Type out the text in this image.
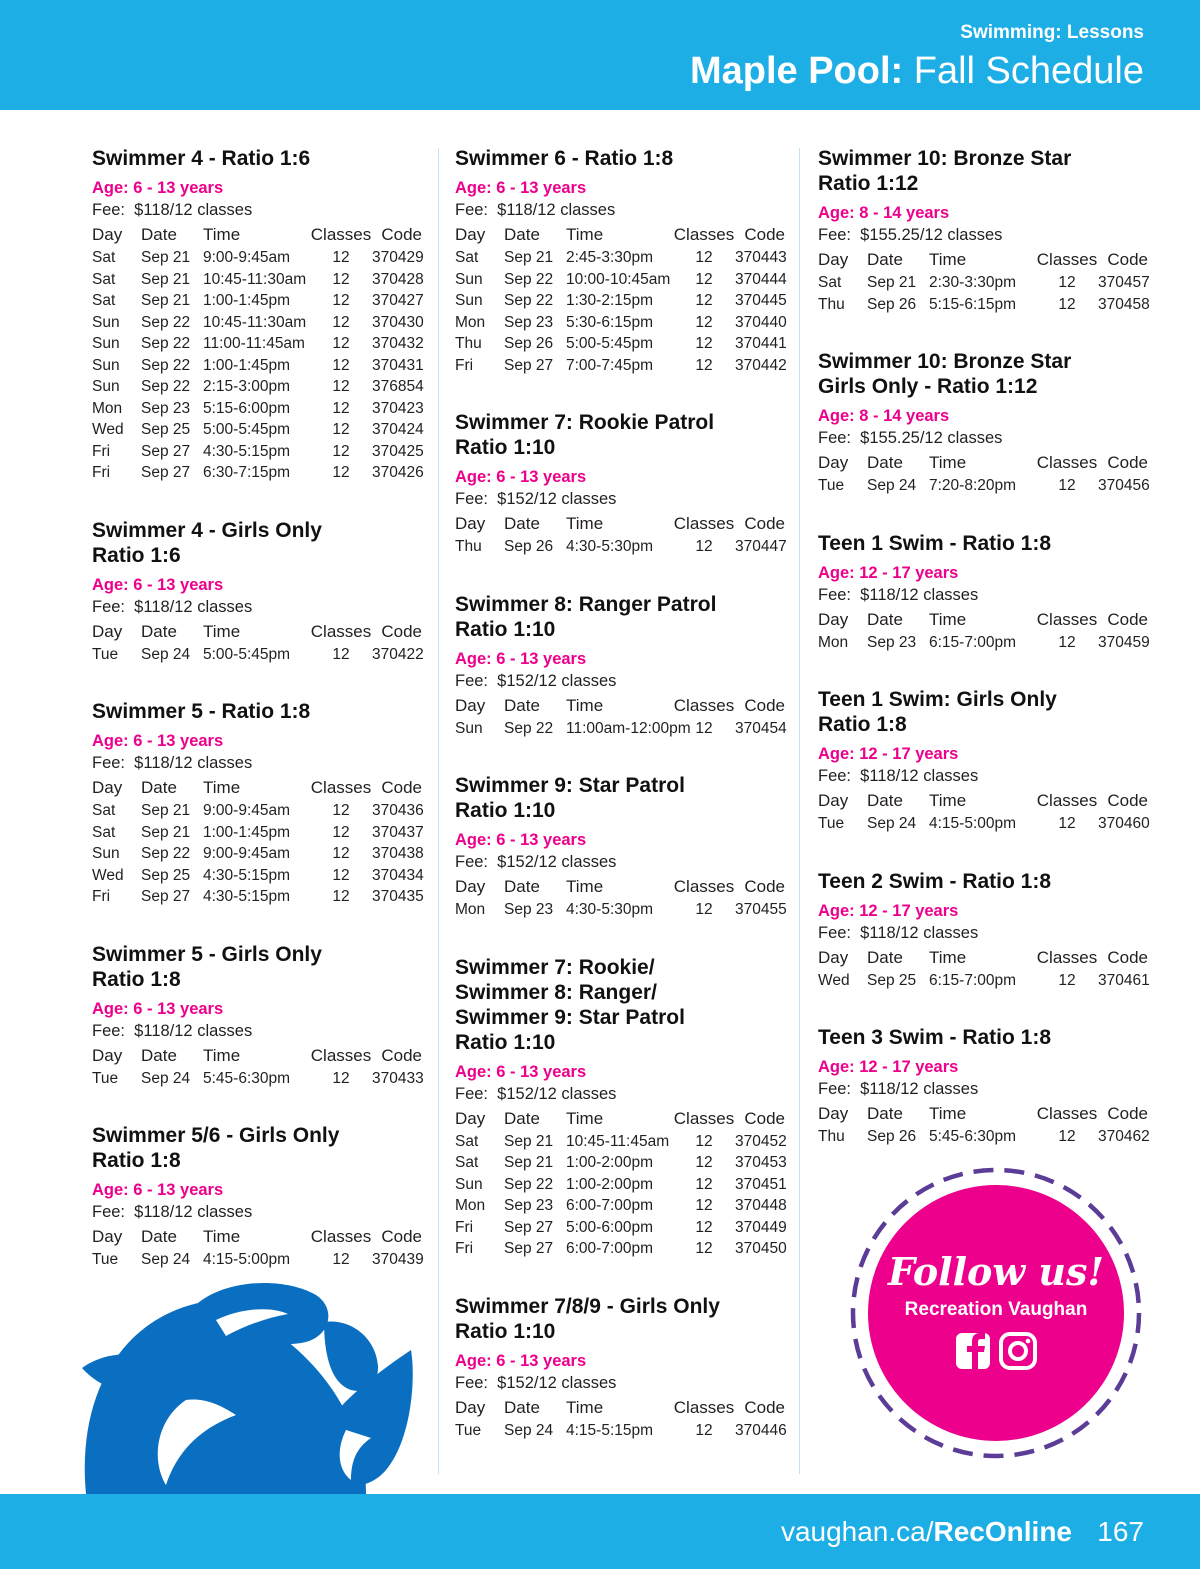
Swimming: Lessons
Maple Pool: Fall Schedule
Swimmer 4 - Ratio 1:6
Age: 6 - 13 years
Fee:  $118/12 classes
Day	Date	Time	Classes	Code
Sat	Sep 21	9:00-9:45am	12	370429
Sat	Sep 21	10:45-11:30am	12	370428
Sat	Sep 21	1:00-1:45pm	12	370427
Sun	Sep 22	10:45-11:30am	12	370430
Sun	Sep 22	11:00-11:45am	12	370432
Sun	Sep 22	1:00-1:45pm	12	370431
Sun	Sep 22	2:15-3:00pm	12	376854
Mon	Sep 23	5:15-6:00pm	12	370423
Wed	Sep 25	5:00-5:45pm	12	370424
Fri	Sep 27	4:30-5:15pm	12	370425
Fri	Sep 27	6:30-7:15pm	12	370426
Swimmer 4 - Girls Only
Ratio 1:6
Age: 6 - 13 years
Fee:  $118/12 classes
Day	Date	Time	Classes	Code
Tue	Sep 24	5:00-5:45pm	12	370422
Swimmer 5 - Ratio 1:8
Age: 6 - 13 years
Fee:  $118/12 classes
Day	Date	Time	Classes	Code
Sat	Sep 21	9:00-9:45am	12	370436
Sat	Sep 21	1:00-1:45pm	12	370437
Sun	Sep 22	9:00-9:45am	12	370438
Wed	Sep 25	4:30-5:15pm	12	370434
Fri	Sep 27	4:30-5:15pm	12	370435
Swimmer 5 - Girls Only
Ratio 1:8
Age: 6 - 13 years
Fee:  $118/12 classes
Day	Date	Time	Classes	Code
Tue	Sep 24	5:45-6:30pm	12	370433
Swimmer 5/6 - Girls Only
Ratio 1:8
Age: 6 - 13 years
Fee:  $118/12 classes
Day	Date	Time	Classes	Code
Tue	Sep 24	4:15-5:00pm	12	370439
Swimmer 6 - Ratio 1:8
Age: 6 - 13 years
Fee:  $118/12 classes
Day	Date	Time	Classes	Code
Sat	Sep 21	2:45-3:30pm	12	370443
Sun	Sep 22	10:00-10:45am	12	370444
Sun	Sep 22	1:30-2:15pm	12	370445
Mon	Sep 23	5:30-6:15pm	12	370440
Thu	Sep 26	5:00-5:45pm	12	370441
Fri	Sep 27	7:00-7:45pm	12	370442
Swimmer 7: Rookie Patrol
Ratio 1:10
Age: 6 - 13 years
Fee:  $152/12 classes
Day	Date	Time	Classes	Code
Thu	Sep 26	4:30-5:30pm	12	370447
Swimmer 8: Ranger Patrol
Ratio 1:10
Age: 6 - 13 years
Fee:  $152/12 classes
Day	Date	Time	Classes	Code
Sun	Sep 22	11:00am-12:00pm	12	370454
Swimmer 9: Star Patrol
Ratio 1:10
Age: 6 - 13 years
Fee:  $152/12 classes
Day	Date	Time	Classes	Code
Mon	Sep 23	4:30-5:30pm	12	370455
Swimmer 7: Rookie/
Swimmer 8: Ranger/
Swimmer 9: Star Patrol
Ratio 1:10
Age: 6 - 13 years
Fee:  $152/12 classes
Day	Date	Time	Classes	Code
Sat	Sep 21	10:45-11:45am	12	370452
Sat	Sep 21	1:00-2:00pm	12	370453
Sun	Sep 22	1:00-2:00pm	12	370451
Mon	Sep 23	6:00-7:00pm	12	370448
Fri	Sep 27	5:00-6:00pm	12	370449
Fri	Sep 27	6:00-7:00pm	12	370450
Swimmer 7/8/9 - Girls Only
Ratio 1:10
Age: 6 - 13 years
Fee:  $152/12 classes
Day	Date	Time	Classes	Code
Tue	Sep 24	4:15-5:15pm	12	370446
Swimmer 10: Bronze Star
Ratio 1:12
Age: 8 - 14 years
Fee:  $155.25/12 classes
Day	Date	Time	Classes	Code
Sat	Sep 21	2:30-3:30pm	12	370457
Thu	Sep 26	5:15-6:15pm	12	370458
Swimmer 10: Bronze Star
Girls Only - Ratio 1:12
Age: 8 - 14 years
Fee:  $155.25/12 classes
Day	Date	Time	Classes	Code
Tue	Sep 24	7:20-8:20pm	12	370456
Teen 1 Swim - Ratio 1:8
Age: 12 - 17 years
Fee:  $118/12 classes
Day	Date	Time	Classes	Code
Mon	Sep 23	6:15-7:00pm	12	370459
Teen 1 Swim: Girls Only
Ratio 1:8
Age: 12 - 17 years
Fee:  $118/12 classes
Day	Date	Time	Classes	Code
Tue	Sep 24	4:15-5:00pm	12	370460
Teen 2 Swim - Ratio 1:8
Age: 12 - 17 years
Fee:  $118/12 classes
Day	Date	Time	Classes	Code
Wed	Sep 25	6:15-7:00pm	12	370461
Teen 3 Swim - Ratio 1:8
Age: 12 - 17 years
Fee:  $118/12 classes
Day	Date	Time	Classes	Code
Thu	Sep 26	5:45-6:30pm	12	370462
Follow us!
Recreation Vaughan
vaughan.ca/RecOnline 167
